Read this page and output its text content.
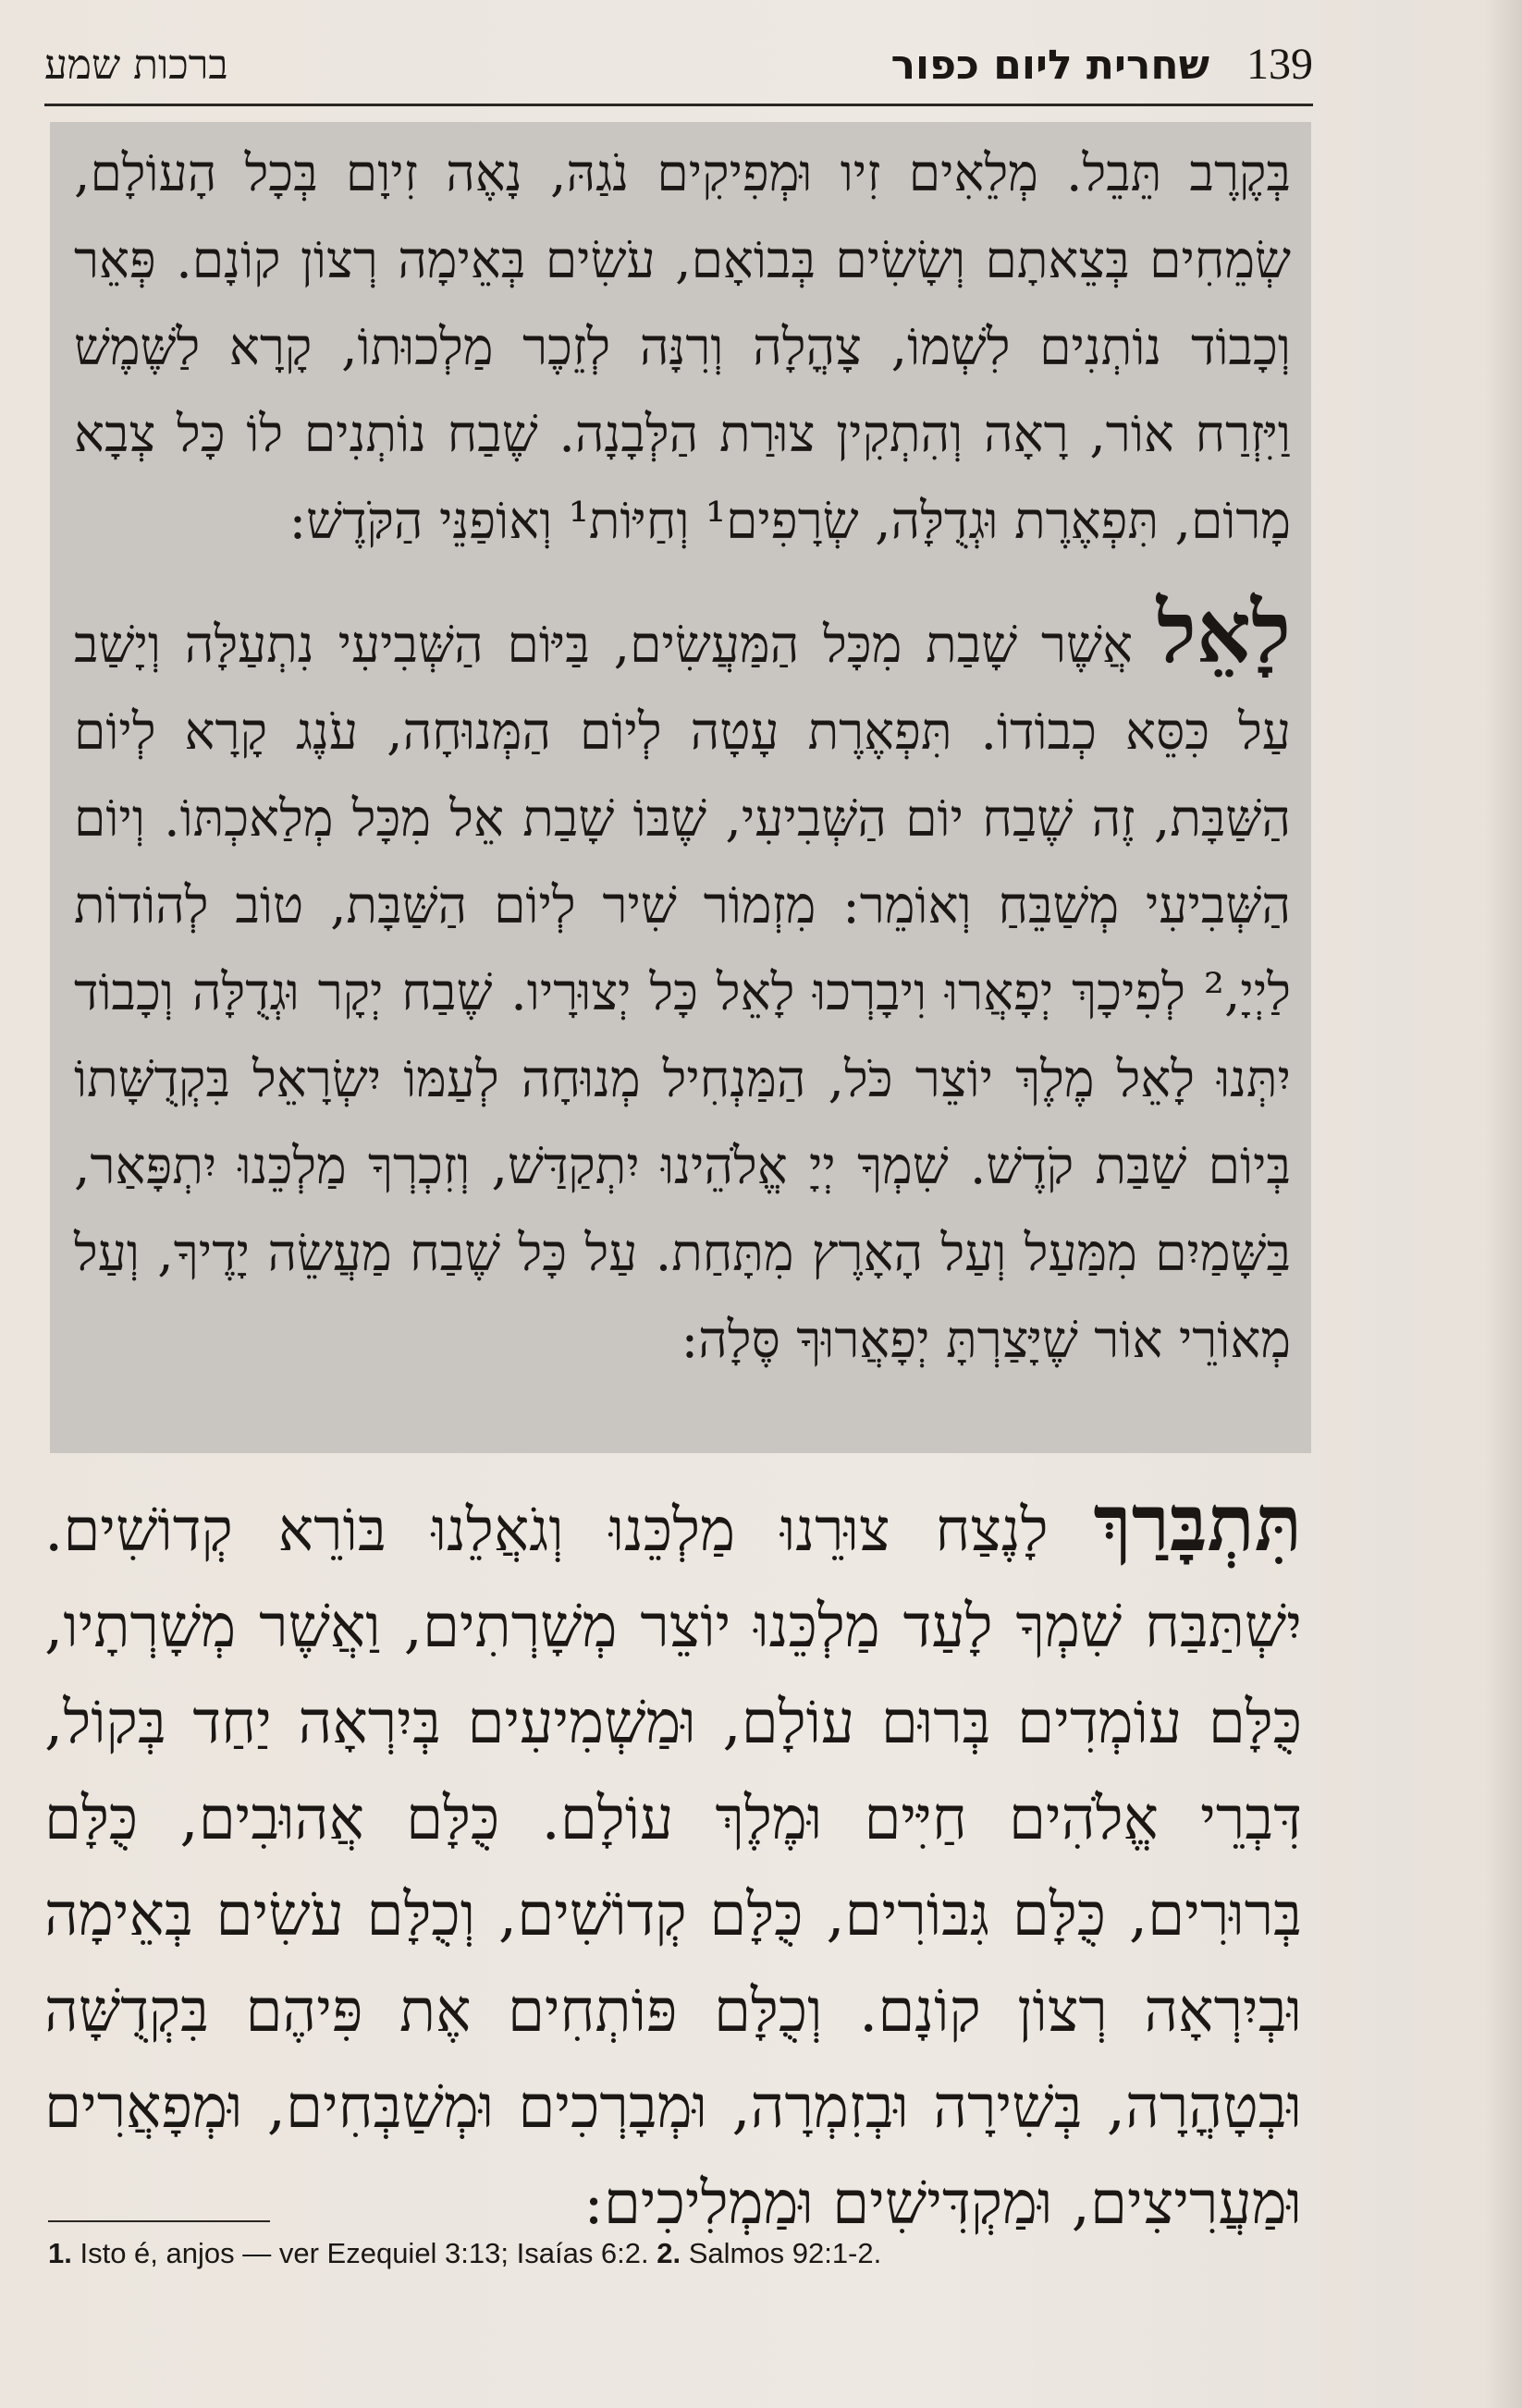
139
שחרית ליום כפור
ברכות שמע

בְּקֶרֶב תֵּבֵל. מְלֵאִים זִיו וּמְפִיקִים נֹגַהּ, נָאֶה זִיוָם בְּכָל הָעוֹלָם, שְׂמֵחִים בְּצֵאתָם וְשָׂשִׂים בְּבוֹאָם, עֹשִׂים בְּאֵימָה רְצוֹן קוֹנָם. פְּאֵר וְכָבוֹד נוֹתְנִים לִשְׁמוֹ, צָהֳלָה וְרִנָּה לְזֵכֶר מַלְכוּתוֹ, קָרָא לַשֶּׁמֶשׁ וַיִּזְרַח אוֹר, רָאָה וְהִתְקִין צוּרַת הַלְּבָנָה. שֶׁבַח נוֹתְנִים לוֹ כָּל צְבָא מָרוֹם, תִּפְאֶרֶת וּגְדֻלָּה, שְׂרָפִים¹ וְחַיּוֹת¹ וְאוֹפַנֵּי הַקֹּדֶשׁ:

לָאֵל אֲשֶׁר שָׁבַת מִכָּל הַמַּעֲשִׂים, בַּיּוֹם הַשְּׁבִיעִי נִתְעַלָּה וְיָשַׁב עַל כִּסֵּא כְבוֹדוֹ. תִּפְאֶרֶת עָטָה לְיוֹם הַמְּנוּחָה, עֹנֶג קָרָא לְיוֹם הַשַּׁבָּת, זֶה שֶׁבַח יוֹם הַשְּׁבִיעִי, שֶׁבּוֹ שָׁבַת אֵל מִכָּל מְלַאכְתּוֹ. וְיוֹם הַשְּׁבִיעִי מְשַׁבֵּחַ וְאוֹמֵר: מִזְמוֹר שִׁיר לְיוֹם הַשַּׁבָּת, טוֹב לְהוֹדוֹת לַיְיָ,² לְפִיכָךְ יְפָאֲרוּ וִיבָרְכוּ לָאֵל כָּל יְצוּרָיו. שֶׁבַח יְקָר וּגְדֻלָּה וְכָבוֹד יִתְּנוּ לָאֵל מֶלֶךְ יוֹצֵר כֹּל, הַמַּנְחִיל מְנוּחָה לְעַמּוֹ יִשְׂרָאֵל בִּקְדֻשָּׁתוֹ בְּיוֹם שַׁבַּת קֹדֶשׁ. שִׁמְךָ יְיָ אֱלֹהֵינוּ יִתְקַדַּשׁ, וְזִכְרְךָ מַלְכֵּנוּ יִתְפָּאַר, בַּשָּׁמַיִם מִמַּעַל וְעַל הָאָרֶץ מִתָּחַת. עַל כָּל שֶׁבַח מַעֲשֵׂה יָדֶיךָ, וְעַל מְאוֹרֵי אוֹר שֶׁיָּצַרְתָּ יְפָאֲרוּךָ סֶּלָה:

תִּתְבָּרַךְ לָנֶצַח צוּרֵנוּ מַלְכֵּנוּ וְגֹאֲלֵנוּ בּוֹרֵא קְדוֹשִׁים. יִשְׁתַּבַּח שִׁמְךָ לָעַד מַלְכֵּנוּ יוֹצֵר מְשָׁרְתִים, וַאֲשֶׁר מְשָׁרְתָיו, כֻּלָּם עוֹמְדִים בְּרוּם עוֹלָם, וּמַשְׁמִיעִים בְּיִרְאָה יַחַד בְּקוֹל, דִּבְרֵי אֱלֹהִים חַיִּים וּמֶלֶךְ עוֹלָם. כֻּלָּם אֲהוּבִים, כֻּלָּם בְּרוּרִים, כֻּלָּם גִּבּוֹרִים, כֻּלָּם קְדוֹשִׁים, וְכֻלָּם עֹשִׂים בְּאֵימָה וּבְיִרְאָה רְצוֹן קוֹנָם. וְכֻלָּם פּוֹתְחִים אֶת פִּיהֶם בִּקְדֻשָּׁה וּבְטָהֳרָה, בְּשִׁירָה וּבְזִמְרָה, וּמְבָרְכִים וּמְשַׁבְּחִים, וּמְפָאֲרִים וּמַעֲרִיצִים, וּמַקְדִּישִׁים וּמַמְלִיכִים:

1. Isto é, anjos — ver Ezequiel 3:13; Isaías 6:2. 2. Salmos 92:1-2.
